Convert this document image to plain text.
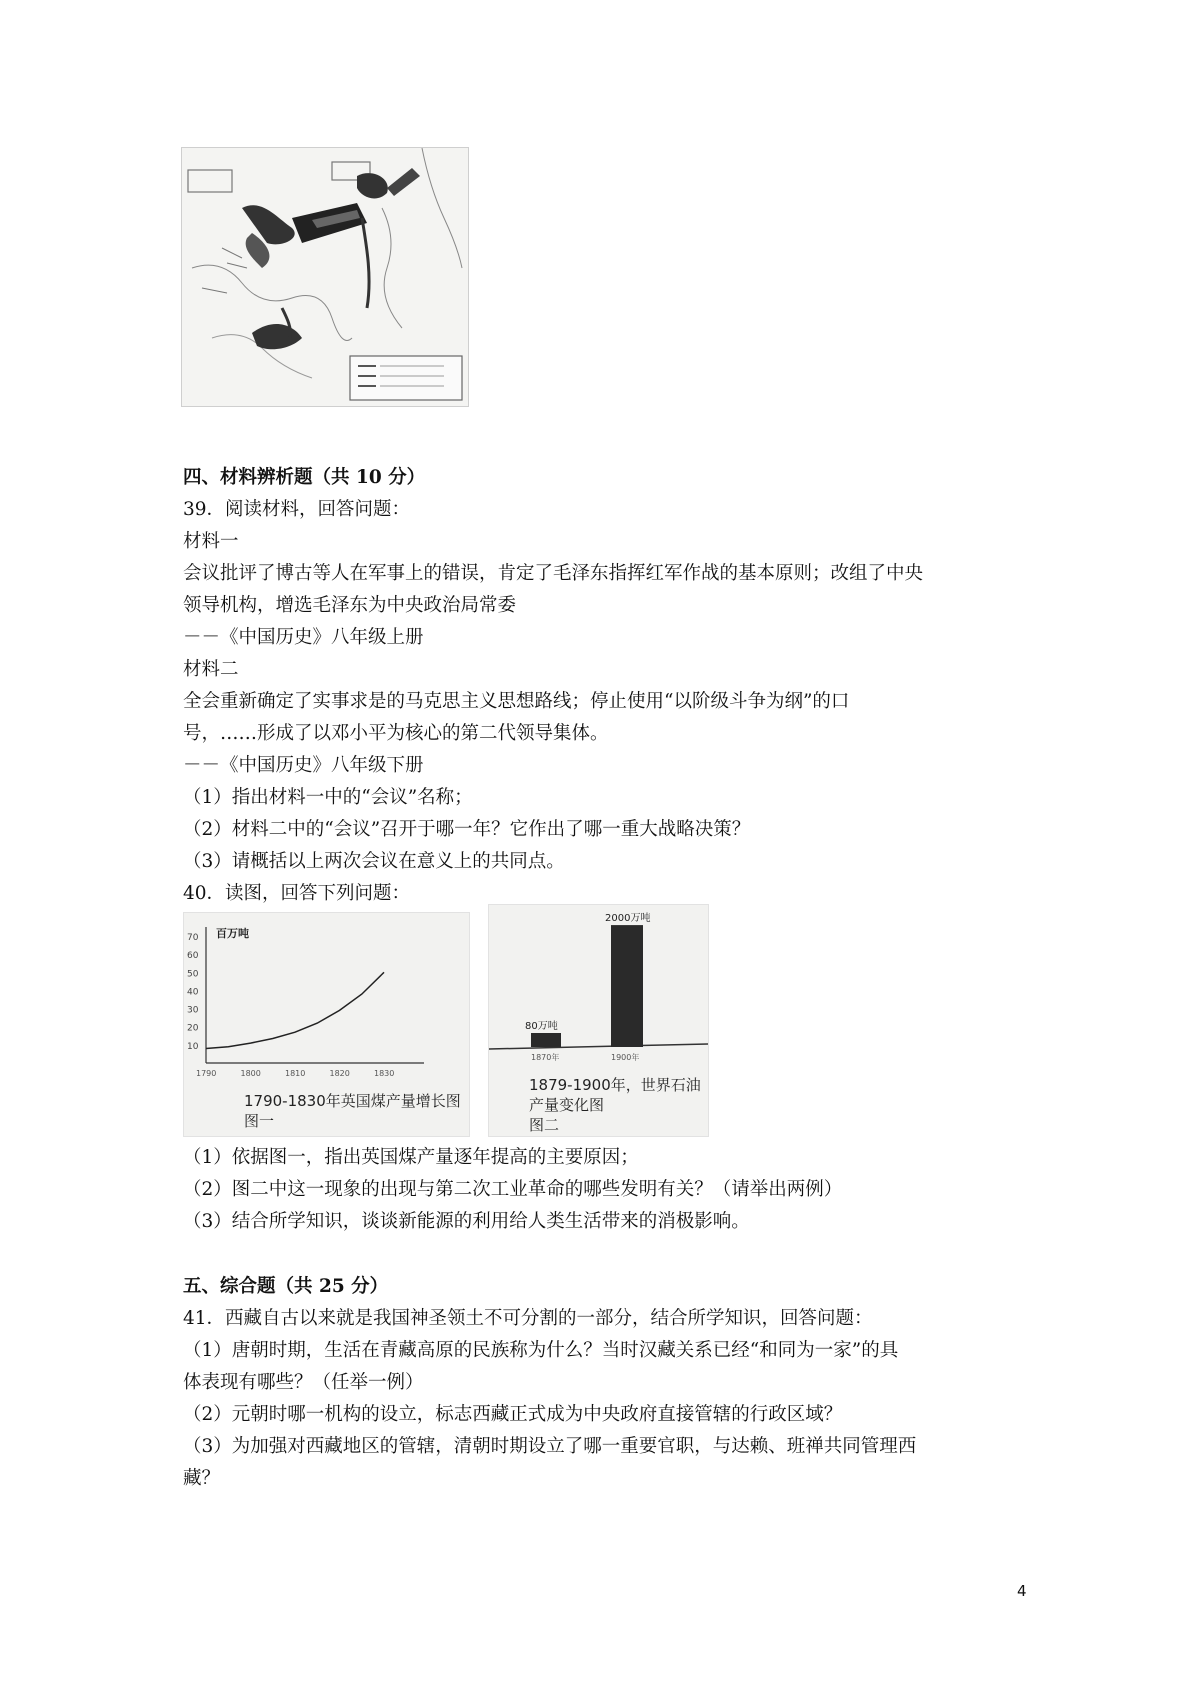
四、材料辨析题（共 10 分）
39．阅读材料，回答问题：
材料一
会议批评了博古等人在军事上的错误，肯定了毛泽东指挥红军作战的基本原则；改组了中央
领导机构，增选毛泽东为中央政治局常委
－－《中国历史》八年级上册
材料二
全会重新确定了实事求是的马克思主义思想路线；停止使用“以阶级斗争为纲”的口
号，……形成了以邓小平为核心的第二代领导集体。
－－《中国历史》八年级下册
（1）指出材料一中的“会议”名称；
（2）材料二中的“会议”召开于哪一年？它作出了哪一重大战略决策？
（3）请概括以上两次会议在意义上的共同点。
40．读图，回答下列问题：
70
60
50
40
30
20
10
1790	1800	1810	1820	1830
百万吨
1790-1830年英国煤产量增长图
图一
80万吨
1870年
2000万吨
1900年
1879-1900年，世界石油产量变化图
图二
（1）依据图一，指出英国煤产量逐年提高的主要原因；
（2）图二中这一现象的出现与第二次工业革命的哪些发明有关？（请举出两例）
（3）结合所学知识，谈谈新能源的利用给人类生活带来的消极影响。
五、综合题（共 25 分）
41．西藏自古以来就是我国神圣领土不可分割的一部分，结合所学知识，回答问题：
（1）唐朝时期，生活在青藏高原的民族称为什么？当时汉藏关系已经“和同为一家”的具
体表现有哪些？（任举一例）
（2）元朝时哪一机构的设立，标志西藏正式成为中央政府直接管辖的行政区域？
（3）为加强对西藏地区的管辖，清朝时期设立了哪一重要官职，与达赖、班禅共同管理西
藏？
4
